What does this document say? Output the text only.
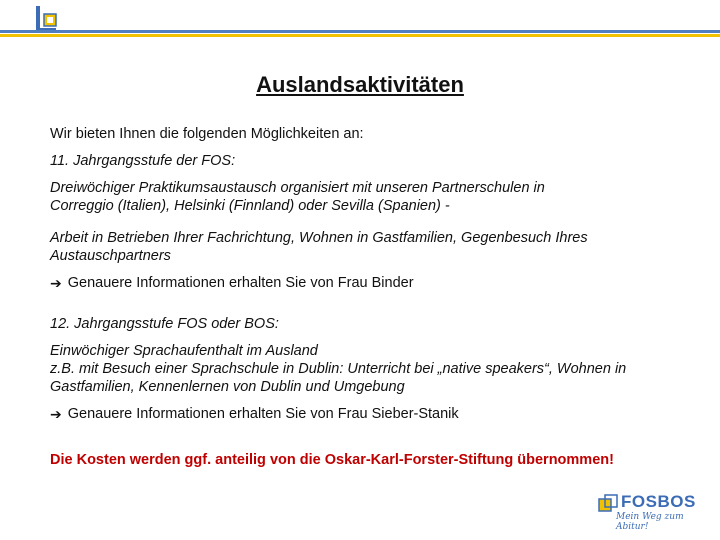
Auslandsaktivitäten

Wir bieten Ihnen die folgenden Möglichkeiten an:

11. Jahrgangsstufe der FOS:

Dreiwöchiger Praktikumsaustausch organisiert mit unseren Partnerschulen in

Correggio (Italien), Helsinki (Finnland) oder Sevilla (Spanien) -

Arbeit in Betrieben Ihrer Fachrichtung, Wohnen in Gastfamilien, Gegenbesuch Ihres

Austauschpartners

➔ Genauere Informationen erhalten Sie von Frau Binder

12. Jahrgangsstufe FOS oder BOS:

Einwöchiger Sprachaufenthalt im Ausland

z.B. mit Besuch einer Sprachschule in Dublin: Unterricht bei „native speakers“, Wohnen in

Gastfamilien, Kennenlernen von Dublin und Umgebung

➔ Genauere Informationen erhalten Sie von Frau Sieber-Stanik

Die Kosten werden ggf. anteilig von die Oskar-Karl-Forster-Stiftung übernommen!

FOSBOS
Mein Weg zum Abitur!
